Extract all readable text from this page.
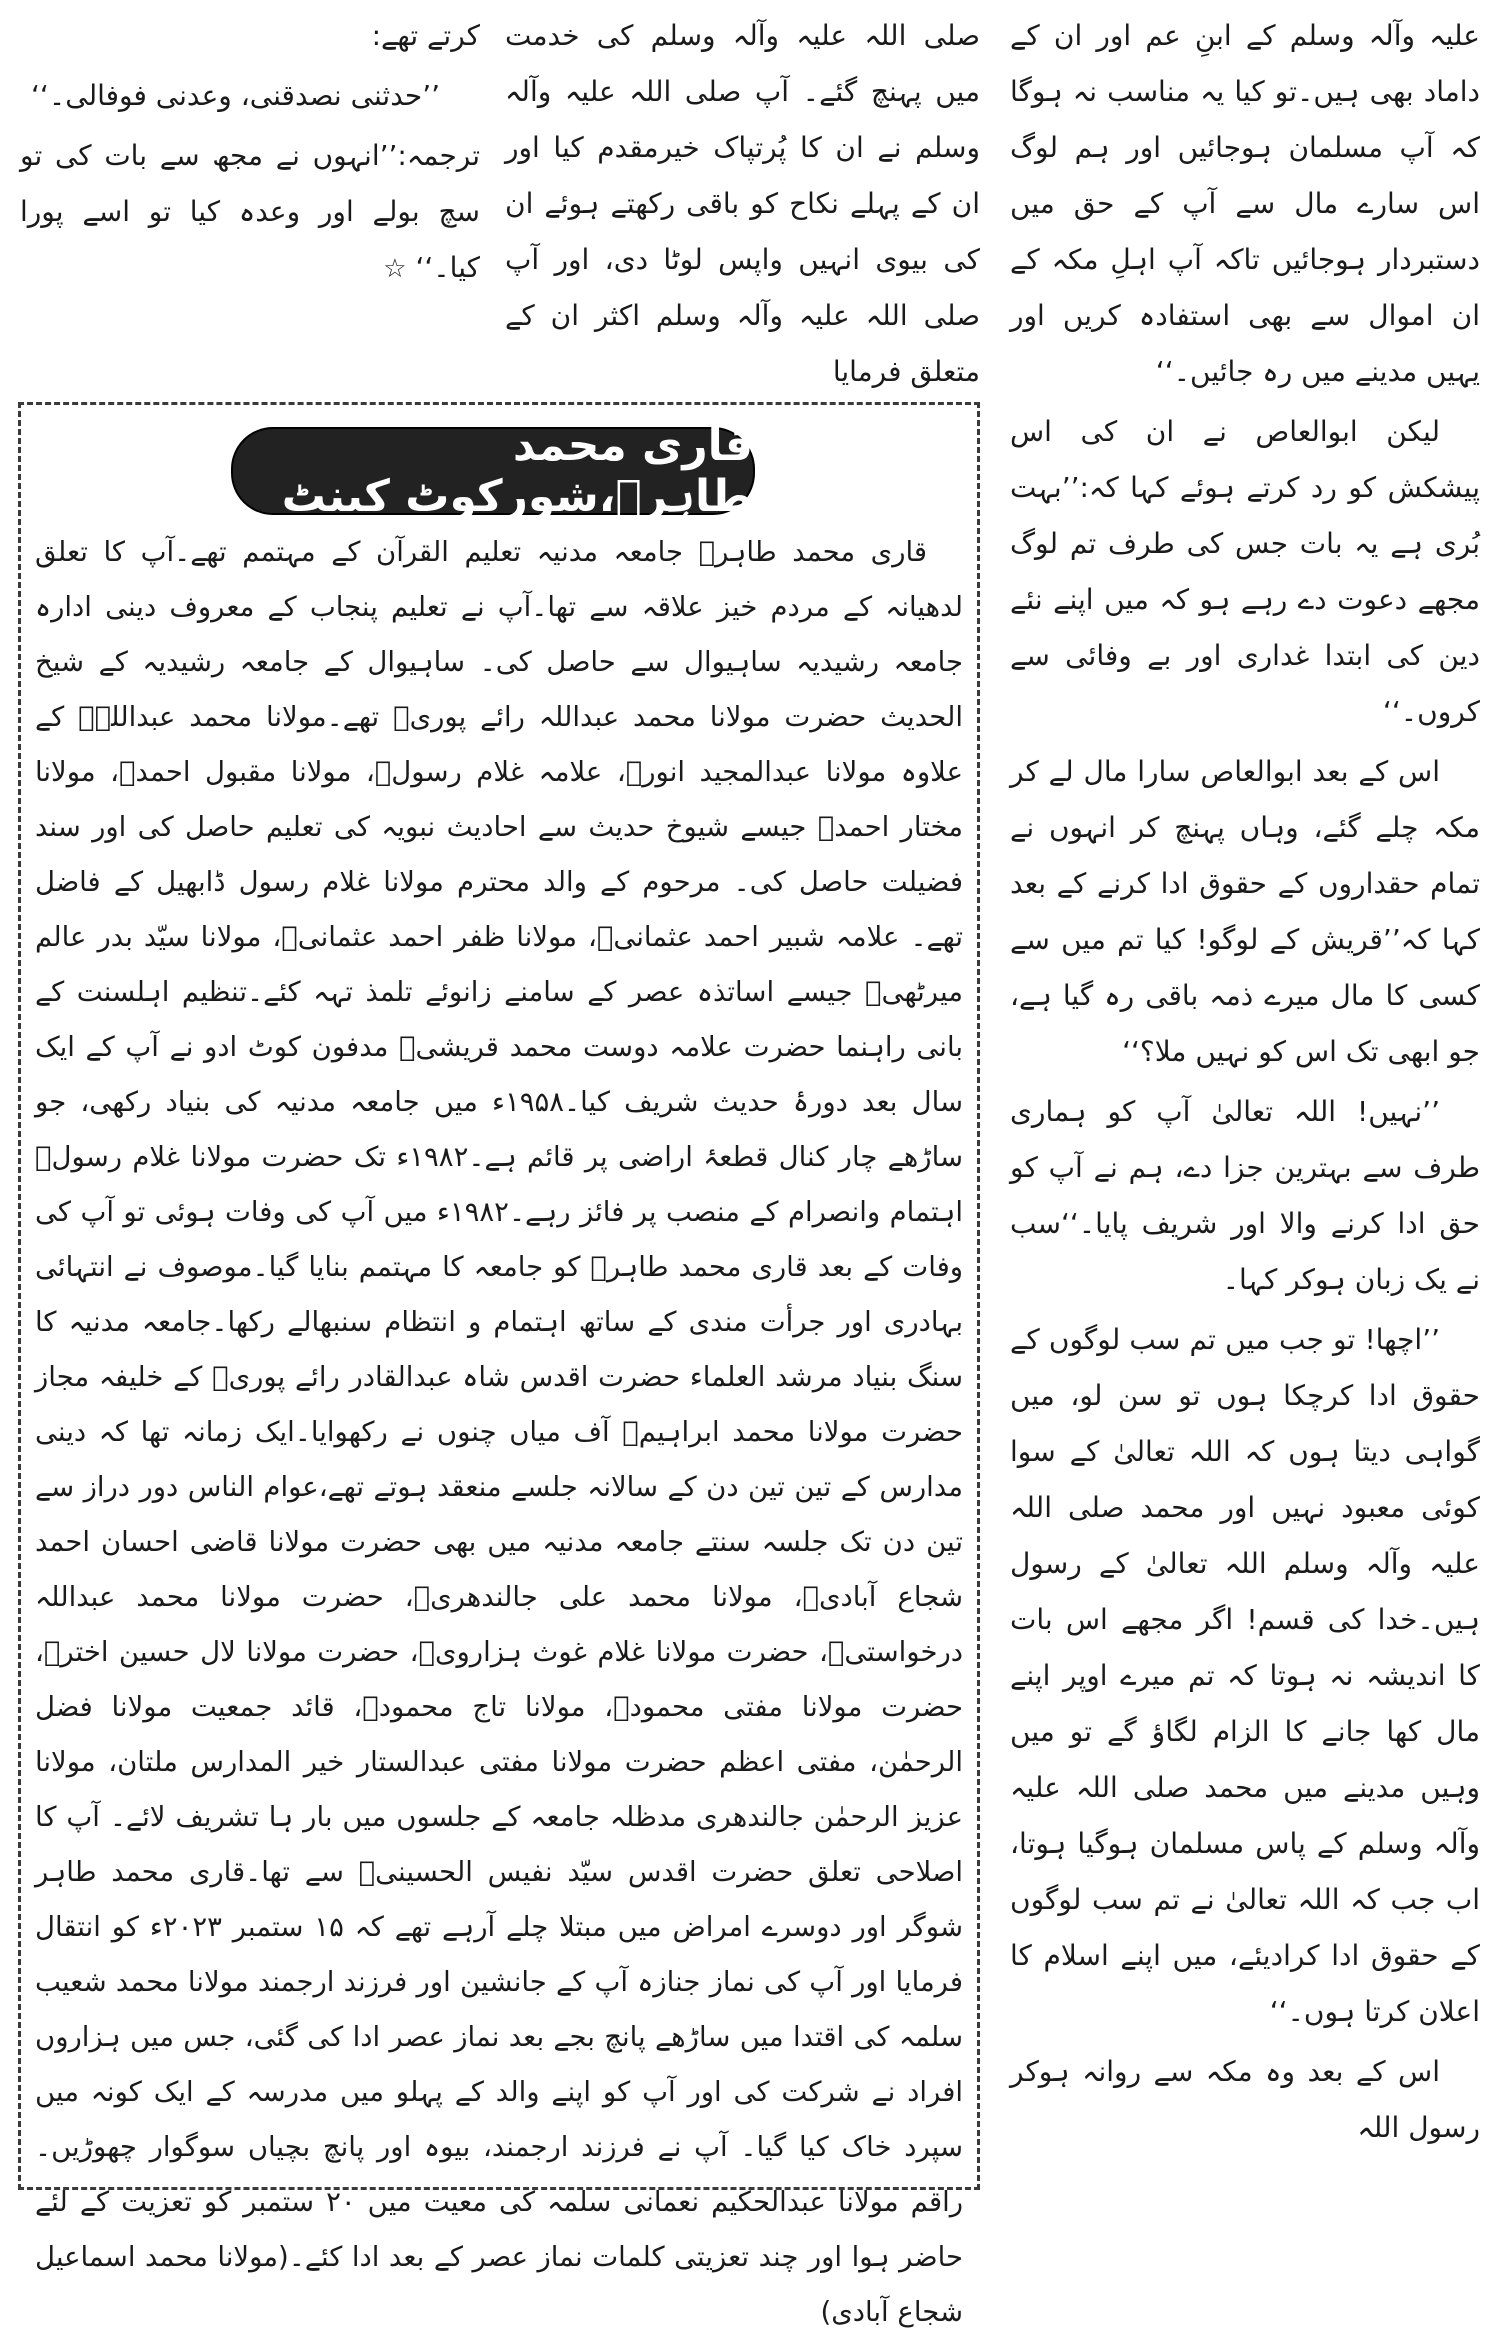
علیہ وآلہ وسلم کے ابنِ عم اور ان کے داماد بھی ہیں۔تو کیا یہ مناسب نہ ہوگا کہ آپ مسلمان ہوجائیں اور ہم لوگ اس سارے مال سے آپ کے حق میں دستبردار ہوجائیں تاکہ آپ اہلِ مکہ کے ان اموال سے بھی استفادہ کریں اور یہیں مدینے میں رہ جائیں۔‘‘

لیکن ابوالعاص نے ان کی اس پیشکش کو رد کرتے ہوئے کہا کہ:’’بہت بُری ہے یہ بات جس کی طرف تم لوگ مجھے دعوت دے رہے ہو کہ میں اپنے نئے دین کی ابتدا غداری اور بے وفائی سے کروں۔‘‘

اس کے بعد ابوالعاص سارا مال لے کر مکہ چلے گئے، وہاں پہنچ کر انہوں نے تمام حقداروں کے حقوق ادا کرنے کے بعد کہا کہ’’قریش کے لوگو! کیا تم میں سے کسی کا مال میرے ذمہ باقی رہ گیا ہے، جو ابھی تک اس کو نہیں ملا؟‘‘

’’نہیں! اللہ تعالیٰ آپ کو ہماری طرف سے بہترین جزا دے، ہم نے آپ کو حق ادا کرنے والا اور شریف پایا۔‘‘سب نے یک زبان ہوکر کہا۔

’’اچھا! تو جب میں تم سب لوگوں کے حقوق ادا کرچکا ہوں تو سن لو، میں گواہی دیتا ہوں کہ اللہ تعالیٰ کے سوا کوئی معبود نہیں اور محمد صلی اللہ علیہ وآلہ وسلم اللہ تعالیٰ کے رسول ہیں۔خدا کی قسم! اگر مجھے اس بات کا اندیشہ نہ ہوتا کہ تم میرے اوپر اپنے مال کھا جانے کا الزام لگاؤ گے تو میں وہیں مدینے میں محمد صلی اللہ علیہ وآلہ وسلم کے پاس مسلمان ہوگیا ہوتا، اب جب کہ اللہ تعالیٰ نے تم سب لوگوں کے حقوق ادا کرادیئے، میں اپنے اسلام کا اعلان کرتا ہوں۔‘‘

اس کے بعد وہ مکہ سے روانہ ہوکر رسول اللہ

صلی اللہ علیہ وآلہ وسلم کی خدمت میں پہنچ گئے۔ آپ صلی اللہ علیہ وآلہ وسلم نے ان کا پُرتپاک خیرمقدم کیا اور ان کے پہلے نکاح کو باقی رکھتے ہوئے ان کی بیوی انہیں واپس لوٹا دی، اور آپ صلی اللہ علیہ وآلہ وسلم اکثر ان کے متعلق فرمایا

کرتے تھے:

’’حدثنی نصدقنی، وعدنی فوفالی۔‘‘

ترجمہ:’’انہوں نے مجھ سے بات کی تو سچ بولے اور وعدہ کیا تو اسے پورا کیا۔‘‘ ☆

قاری محمد طاہرؒ،شورکوٹ کینٹ

قاری محمد طاہرؒ جامعہ مدنیہ تعلیم القرآن کے مہتمم تھے۔آپ کا تعلق لدھیانہ کے مردم خیز علاقہ سے تھا۔آپ نے تعلیم پنجاب کے معروف دینی ادارہ جامعہ رشیدیہ ساہیوال سے حاصل کی۔ ساہیوال کے جامعہ رشیدیہ کے شیخ الحدیث حضرت مولانا محمد عبداللہ رائے پوریؒ تھے۔مولانا محمد عبداللہؒ کے علاوہ مولانا عبدالمجید انورؒ، علامہ غلام رسولؒ، مولانا مقبول احمدؒ، مولانا مختار احمدؒ جیسے شیوخ حدیث سے احادیث نبویہ کی تعلیم حاصل کی اور سند فضیلت حاصل کی۔ مرحوم کے والد محترم مولانا غلام رسول ڈابھیل کے فاضل تھے۔ علامہ شبیر احمد عثمانیؒ، مولانا ظفر احمد عثمانیؒ، مولانا سیّد بدر عالم میرٹھیؒ جیسے اساتذہ عصر کے سامنے زانوئے تلمذ تہہ کئے۔تنظیم اہلسنت کے بانی راہنما حضرت علامہ دوست محمد قریشیؒ مدفون کوٹ ادو نے آپ کے ایک سال بعد دورۂ حدیث شریف کیا۔۱۹۵۸ء میں جامعہ مدنیہ کی بنیاد رکھی، جو ساڑھے چار کنال قطعۂ اراضی پر قائم ہے۔۱۹۸۲ء تک حضرت مولانا غلام رسولؒ اہتمام وانصرام کے منصب پر فائز رہے۔۱۹۸۲ء میں آپ کی وفات ہوئی تو آپ کی وفات کے بعد قاری محمد طاہرؒ کو جامعہ کا مہتمم بنایا گیا۔موصوف نے انتہائی بہادری اور جرأت مندی کے ساتھ اہتمام و انتظام سنبھالے رکھا۔جامعہ مدنیہ کا سنگ بنیاد مرشد العلماء حضرت اقدس شاہ عبدالقادر رائے پوریؒ کے خلیفہ مجاز حضرت مولانا محمد ابراہیمؒ آف میاں چنوں نے رکھوایا۔ایک زمانہ تھا کہ دینی مدارس کے تین تین دن کے سالانہ جلسے منعقد ہوتے تھے،عوام الناس دور دراز سے تین دن تک جلسہ سنتے جامعہ مدنیہ میں بھی حضرت مولانا قاضی احسان احمد شجاع آبادیؒ، مولانا محمد علی جالندھریؒ، حضرت مولانا محمد عبداللہ درخواستیؒ، حضرت مولانا غلام غوث ہزارویؒ، حضرت مولانا لال حسین اخترؒ، حضرت مولانا مفتی محمودؒ، مولانا تاج محمودؒ، قائد جمعیت مولانا فضل الرحمٰن، مفتی اعظم حضرت مولانا مفتی عبدالستار خیر المدارس ملتان، مولانا عزیز الرحمٰن جالندھری مدظلہ جامعہ کے جلسوں میں بار ہا تشریف لائے۔ آپ کا اصلاحی تعلق حضرت اقدس سیّد نفیس الحسینیؒ سے تھا۔قاری محمد طاہر شوگر اور دوسرے امراض میں مبتلا چلے آرہے تھے کہ ۱۵ ستمبر ۲۰۲۳ء کو انتقال فرمایا اور آپ کی نماز جنازہ آپ کے جانشین اور فرزند ارجمند مولانا محمد شعیب سلمہ کی اقتدا میں ساڑھے پانچ بجے بعد نماز عصر ادا کی گئی، جس میں ہزاروں افراد نے شرکت کی اور آپ کو اپنے والد کے پہلو میں مدرسہ کے ایک کونہ میں سپرد خاک کیا گیا۔ آپ نے فرزند ارجمند، بیوہ اور پانچ بچیاں سوگوار چھوڑیں۔راقم مولانا عبدالحکیم نعمانی سلمہ کی معیت میں ۲۰ ستمبر کو تعزیت کے لئے حاضر ہوا اور چند تعزیتی کلمات نماز عصر کے بعد ادا کئے۔(مولانا محمد اسماعیل شجاع آبادی)
